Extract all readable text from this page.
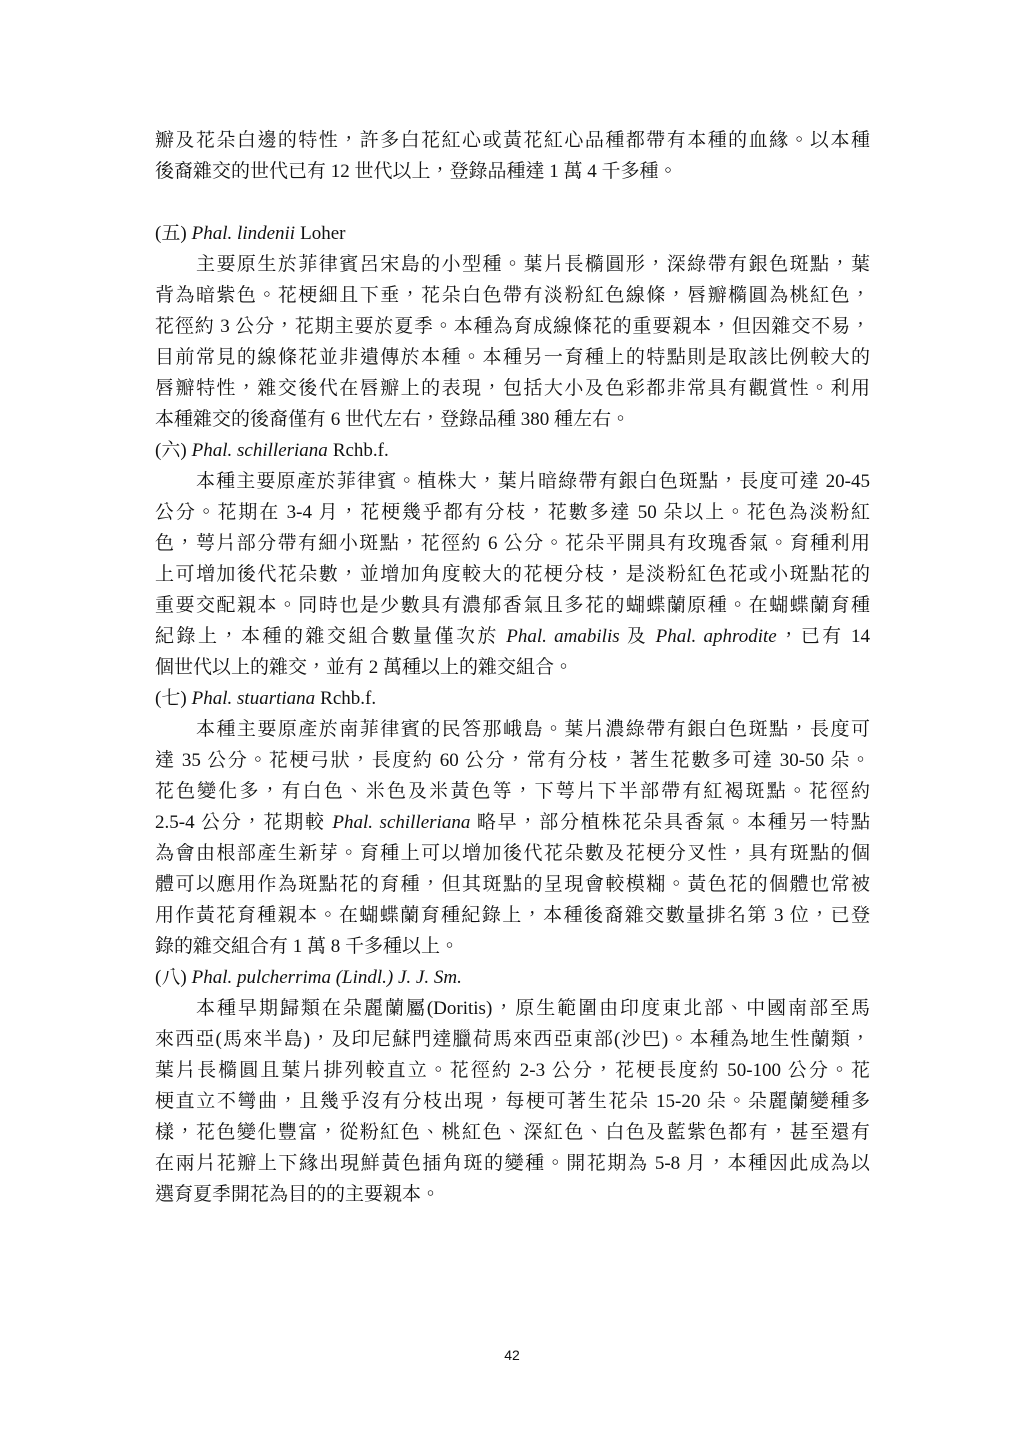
瓣及花朵白邊的特性，許多白花紅心或黃花紅心品種都帶有本種的血緣。以本種
後裔雜交的世代已有 12 世代以上，登錄品種達 1 萬 4 千多種。
(五) Phal. lindenii Loher
主要原生於菲律賓呂宋島的小型種。葉片長橢圓形，深綠帶有銀色斑點，葉
背為暗紫色。花梗細且下垂，花朵白色帶有淡粉紅色線條，唇瓣橢圓為桃紅色，
花徑約 3 公分，花期主要於夏季。本種為育成線條花的重要親本，但因雜交不易，
目前常見的線條花並非遺傳於本種。本種另一育種上的特點則是取該比例較大的
唇瓣特性，雜交後代在唇瓣上的表現，包括大小及色彩都非常具有觀賞性。利用
本種雜交的後裔僅有 6 世代左右，登錄品種 380 種左右。
(六) Phal. schilleriana Rchb.f.
本種主要原產於菲律賓。植株大，葉片暗綠帶有銀白色斑點，長度可達 20-45
公分。花期在 3-4 月，花梗幾乎都有分枝，花數多達 50 朵以上。花色為淡粉紅
色，萼片部分帶有細小斑點，花徑約 6 公分。花朵平開具有玫瑰香氣。育種利用
上可增加後代花朵數，並增加角度較大的花梗分枝，是淡粉紅色花或小斑點花的
重要交配親本。同時也是少數具有濃郁香氣且多花的蝴蝶蘭原種。在蝴蝶蘭育種
紀錄上，本種的雜交組合數量僅次於 Phal. amabilis 及 Phal. aphrodite，已有 14
個世代以上的雜交，並有 2 萬種以上的雜交組合。
(七) Phal. stuartiana Rchb.f.
本種主要原產於南菲律賓的民答那峨島。葉片濃綠帶有銀白色斑點，長度可
達 35 公分。花梗弓狀，長度約 60 公分，常有分枝，著生花數多可達 30-50 朵。
花色變化多，有白色、米色及米黃色等，下萼片下半部帶有紅褐斑點。花徑約
2.5-4 公分，花期較 Phal. schilleriana 略早，部分植株花朵具香氣。本種另一特點
為會由根部產生新芽。育種上可以增加後代花朵數及花梗分叉性，具有斑點的個
體可以應用作為斑點花的育種，但其斑點的呈現會較模糊。黃色花的個體也常被
用作黃花育種親本。在蝴蝶蘭育種紀錄上，本種後裔雜交數量排名第 3 位，已登
錄的雜交組合有 1 萬 8 千多種以上。
(八) Phal. pulcherrima (Lindl.) J. J. Sm.
本種早期歸類在朵麗蘭屬(Doritis)，原生範圍由印度東北部、中國南部至馬
來西亞(馬來半島)，及印尼蘇門達臘荷馬來西亞東部(沙巴)。本種為地生性蘭類，
葉片長橢圓且葉片排列較直立。花徑約 2-3 公分，花梗長度約 50-100 公分。花
梗直立不彎曲，且幾乎沒有分枝出現，每梗可著生花朵 15-20 朵。朵麗蘭變種多
樣，花色變化豐富，從粉紅色、桃紅色、深紅色、白色及藍紫色都有，甚至還有
在兩片花瓣上下緣出現鮮黃色插角斑的變種。開花期為 5-8 月，本種因此成為以
選育夏季開花為目的的主要親本。
42
